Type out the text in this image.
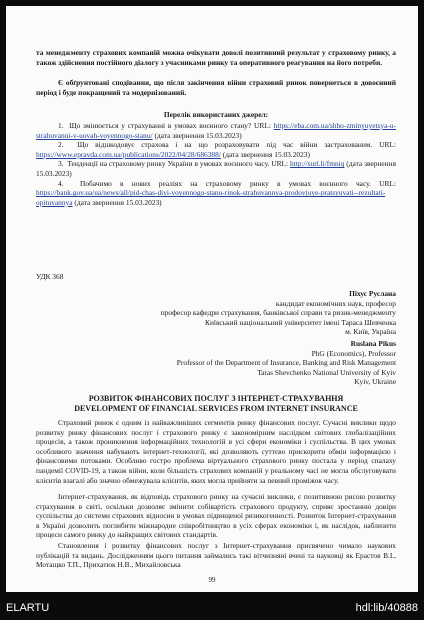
та менеджменту страхових компаній можна очікувати доволі позитивний результат у страховому ринку, а також здійснення постійного діалогу з учасниками ринку та оперативного реагування на його потреби.
Є обґрунтовані сподівання, що після закінчення війни страховий ринок повернеться в довоєнний період і буде покращений та модернізований.
Перелік використаних джерел:
1. Що змінюється у страхуванні в умовах воєнного стану? URL: https://eba.com.ua/shho-zminyuyetsya-u-strahuvanni-v-uovah-voyennogo-stanu/ (дата звернення 15.03.2023)
2. Що відшкодовує страхова і на що розраховувати під час війни застрахованим. URL: https://www.epravda.com.ua/publications/2022/04/28/686388/ (дата звернення 15.03.2023)
3. Тенденції на страховому ринку України в умовах воєнного часу. URL: http://surl.li/fmniq (дата звернення 15.03.2023)
4. Побачимо в нових реаліях на страховому ринку в умовах воєнного часу. URL: https://bank.gov.ua/ua/news/all/pid-chas-diyi-voyennogo-stanu-rinok-strahuvannya-prodovjuye-pratsyuvati--rezultati-opituvannya (дата звернення 15.03.2023)
УДК 368
Піхус Руслана
кандидат економічних наук, професор
професор кафедри страхування, банківської справи та ризик-менеджменту
Київський національний університет імені Тараса Шевченка
м. Київ, Україна
Ruslana Pikus
PhG (Economics), Professor
Professor of the Department of Insurance, Banking and Risk Management
Taras Shevchenko National University of Kyiv
Kyiv, Ukraine
РОЗВИТОК ФІНАНСОВИХ ПОСЛУГ З ІНТЕРНЕТ-СТРАХУВАННЯ
DEVELOPMENT OF FINANCIAL SERVICES FROM INTERNET INSURANCE
Страховий ринок є одним із найважливіших сегментів ринку фінансових послуг. Сучасні виклики щодо розвитку ринку фінансових послуг і страхового ринку є закономірним наслідком світових глобалізаційних процесів, а також проникнення інформаційних технологій в усі сфери економіки і суспільства. В цих умовах особливого значення набувають інтернет-технології, які дозволяють суттєво прискорити обмін інформацією і фінансовими потоками. Особливо гостро проблема віртуального страхового ринку постала у період спалаху пандемії COVID-19, а також війни, коли більшість страхових компаній у реальному часі не могла обслуговувати клієнтів взагалі або значно обмежувала клієнтів, яких могла прийняти за певний проміжок часу.
Інтернет-страхування, як відповідь страхового ринку на сучасні виклики, є позитивною рисою розвитку страхування в світі, оскільки дозволяє змінити собівартість страхового продукту, сприяє зростанню довіри суспільства до системи страхових відносин в умовах підвищеної ризикогенності. Розвиток Інтернет-страхування в Україні дозволить поглибити міжнародне співробітництво в усіх сферах економіки і, як наслідок, наблизити процеси самого ринку до найкращих світових стандартів.
Становлення і розвитку фінансових послуг з Інтернет-страхування присвячено чимало наукових публікацій та видань. Дослідженням цього питання займались такі вітчизняні вчені та науковці як Ерастов В.І., Мотащко Т.П., Прихатюк Н.В., Михайловська
99
ELARTU	hdl:lib/40888
